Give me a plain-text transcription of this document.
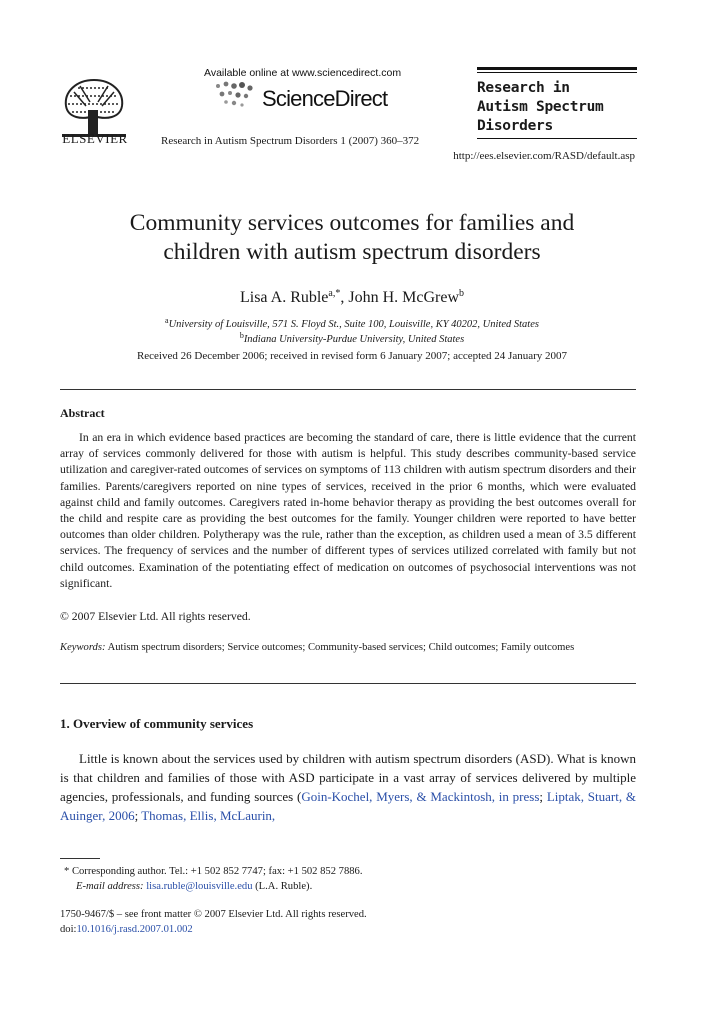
ELSEVIER
Available online at www.sciencedirect.com
ScienceDirect
Research in Autism Spectrum Disorders 1 (2007) 360–372
Research in
Autism Spectrum
Disorders
http://ees.elsevier.com/RASD/default.asp
Community services outcomes for families and
children with autism spectrum disorders
Lisa A. Ruble$^{a,*}$, John H. McGrew$^b$
$^a$University of Louisville, 571 S. Floyd St., Suite 100, Louisville, KY 40202, United States
$^b$Indiana University-Purdue University, United States
Received 26 December 2006; received in revised form 6 January 2007; accepted 24 January 2007
Abstract

In an era in which evidence based practices are becoming the standard of care, there is little evidence that the current array of services commonly delivered for those with autism is helpful. This study describes community-based service utilization and caregiver-rated outcomes of services on symptoms of 113 children with autism spectrum disorders and their families. Parents/caregivers reported on nine types of services, received in the prior 6 months, which were evaluated against child and family outcomes. Caregivers rated in-home behavior therapy as providing the best outcomes overall for the child and respite care as providing the best outcomes for the family. Younger children were reported to have better outcomes than older children. Polytherapy was the rule, rather than the exception, as children used a mean of 3.5 different services. The frequency of services and the number of different types of services utilized correlated with family but not child outcomes. Examination of the potentiating effect of medication on outcomes of psychosocial interventions was not significant.

© 2007 Elsevier Ltd. All rights reserved.

Keywords: Autism spectrum disorders; Service outcomes; Community-based services; Child outcomes; Family outcomes

1. Overview of community services

Little is known about the services used by children with autism spectrum disorders (ASD). What is known is that children and families of those with ASD participate in a vast array of services delivered by multiple agencies, professionals, and funding sources (Goin-Kochel, Myers, & Mackintosh, in press; Liptak, Stuart, & Auinger, 2006; Thomas, Ellis, McLaurin,

* Corresponding author. Tel.: +1 502 852 7747; fax: +1 502 852 7886.
E-mail address: lisa.ruble@louisville.edu (L.A. Ruble).
1750-9467/$ – see front matter © 2007 Elsevier Ltd. All rights reserved.
doi:10.1016/j.rasd.2007.01.002
